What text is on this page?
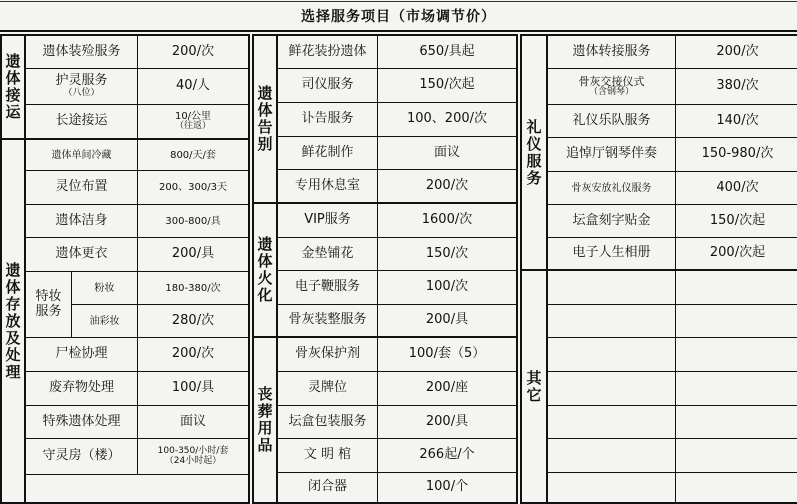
选择服务项目（市场调节价）
遗体接运
遗体装殓服务	200/次
护灵服务
（八位）	40/人
长途接运	10/公里
（往返）
遗体存放及处理
遗体单间冷藏	800/天/套
灵位布置	200、300/3天
遗体洁身	300-800/具
遗体更衣	200/具
特妆服务
粉妆	180-380/次
油彩妆	280/次
尸检协理	200/次
废弃物处理	100/具
特殊遗体处理	面议
守灵房（楼）	100-350/小时/套
（24小时起）
遗体告别
鲜花装扮遗体	650/具起
司仪服务	150/次起
讣告服务	100、200/次
鲜花制作	面议
专用休息室	200/次
遗体火化
VIP服务	1600/次
金垫铺花	150/次
电子鞭服务	100/次
骨灰装整服务	200/具
丧葬用品
骨灰保护剂	100/套（5）
灵牌位	200/座
坛盒包装服务	200/具
文 明 棺	266起/个
闭合器	100/个
礼仪服务
遗体转接服务	200/次
骨灰交接仪式
（含钢琴）	380/次
礼仪乐队服务	140/次
追悼厅钢琴伴奏	150-980/次
骨灰安放礼仪服务	400/次
坛盒刻字贴金	150/次起
电子人生相册	200/次起
其它
